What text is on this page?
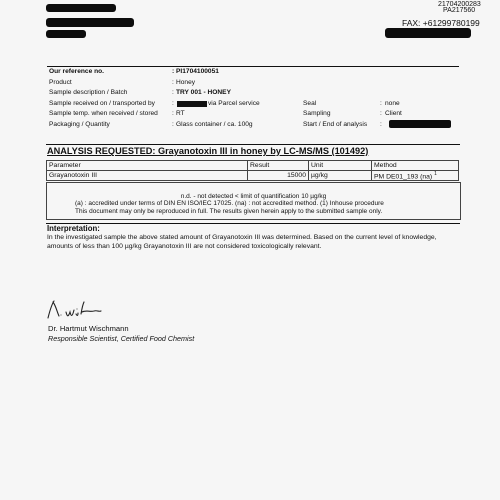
21704200283
PA217560
FAX: +61299780199
Our reference no.	: PI1704100051
Product	: Honey
Sample description / Batch	: TRY 001 - HONEY
Sample received on / transported by	:	via Parcel service	Seal	: none
Sample temp. when received / stored : RT	Sampling	: Client
Packaging / Quantity	: Glass container / ca. 100g	Start / End of analysis :
ANALYSIS REQUESTED: Grayanotoxin III in honey by LC-MS/MS (101492)
Parameter	Result	Unit	Method
Grayanotoxin III	15000	µg/kg	PM DE01_193 (na) $^1$
n.d. - not detected < limit of quantification 10 µg/kg
(a) : accredited under terms of DIN EN ISO/IEC 17025. (na) : not accredited method. (1) Inhouse procedure
This document may only be reproduced in full. The results given herein apply to the submitted sample only.
Interpretation:
In the investigated sample the above stated amount of Grayanotoxin III was determined. Based on the current level of knowledge, amounts of less than 100 µg/kg Grayanotoxin III are not considered toxicologically relevant.
Dr. Hartmut Wischmann
Responsible Scientist, Certified Food Chemist
